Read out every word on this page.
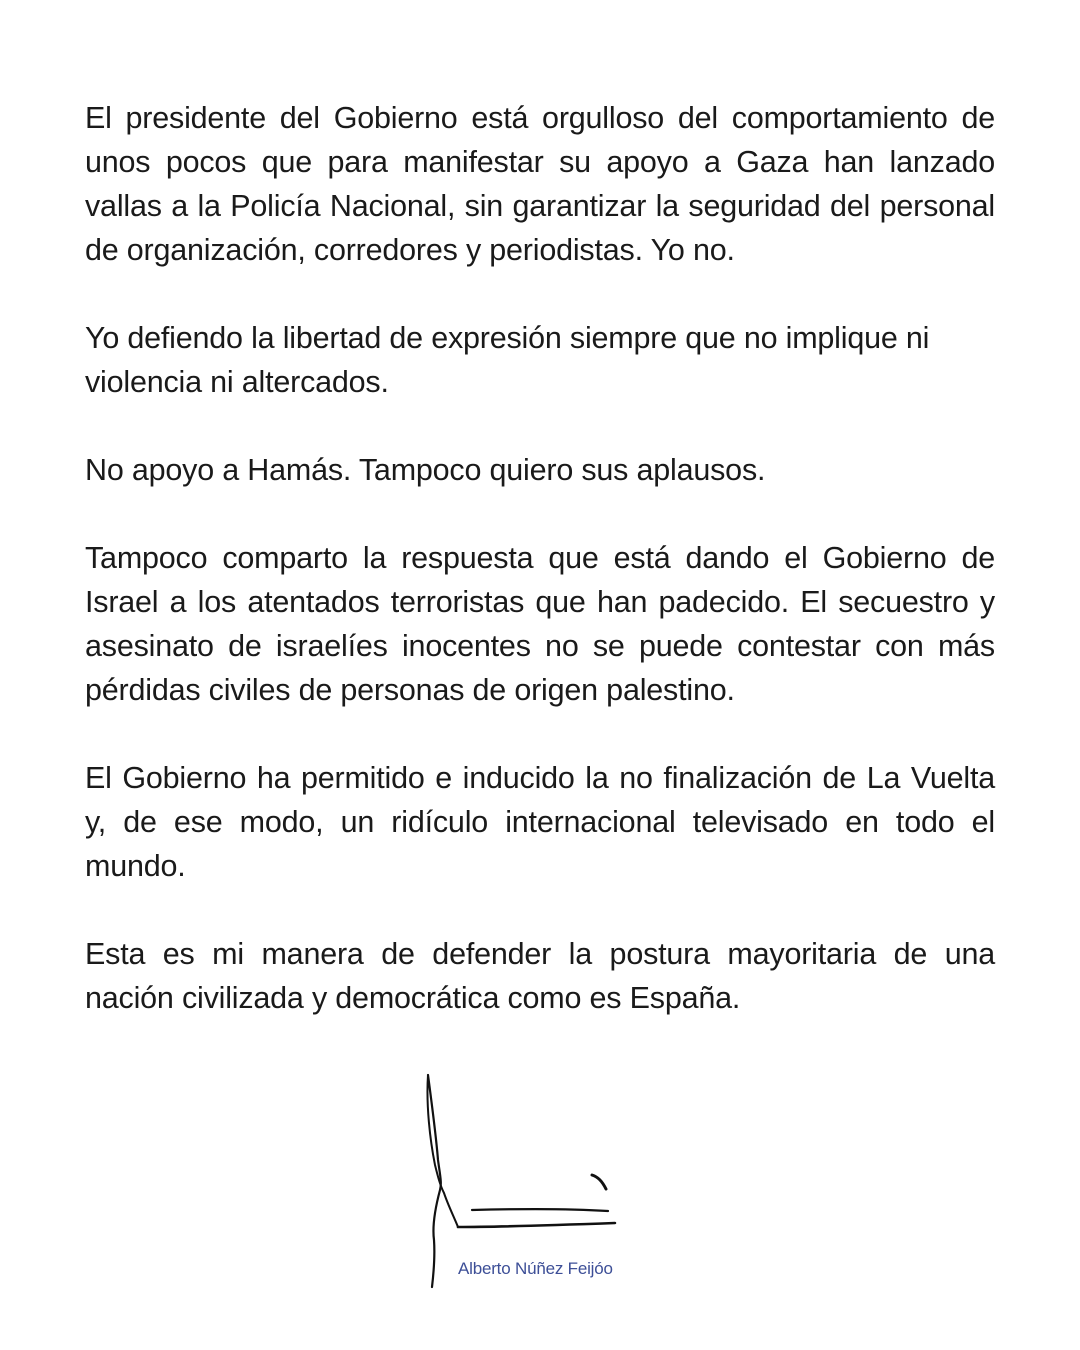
El presidente del Gobierno está orgulloso del comportamiento de unos pocos que para manifestar su apoyo a Gaza han lanzado vallas a la Policía Nacional, sin garantizar la seguridad del personal de organización, corredores y periodistas. Yo no.

Yo defiendo la libertad de expresión siempre que no implique ni violencia ni altercados.

No apoyo a Hamás. Tampoco quiero sus aplausos.

Tampoco comparto la respuesta que está dando el Gobierno de Israel a los atentados terroristas que han padecido. El secuestro y asesinato de israelíes inocentes no se puede contestar con más pérdidas civiles de personas de origen palestino.

El Gobierno ha permitido e inducido la no finalización de La Vuelta y, de ese modo, un ridículo internacional televisado en todo el mundo.

Esta es mi manera de defender la postura mayoritaria de una nación civilizada y democrática como es España.

Alberto Núñez Feijóo
